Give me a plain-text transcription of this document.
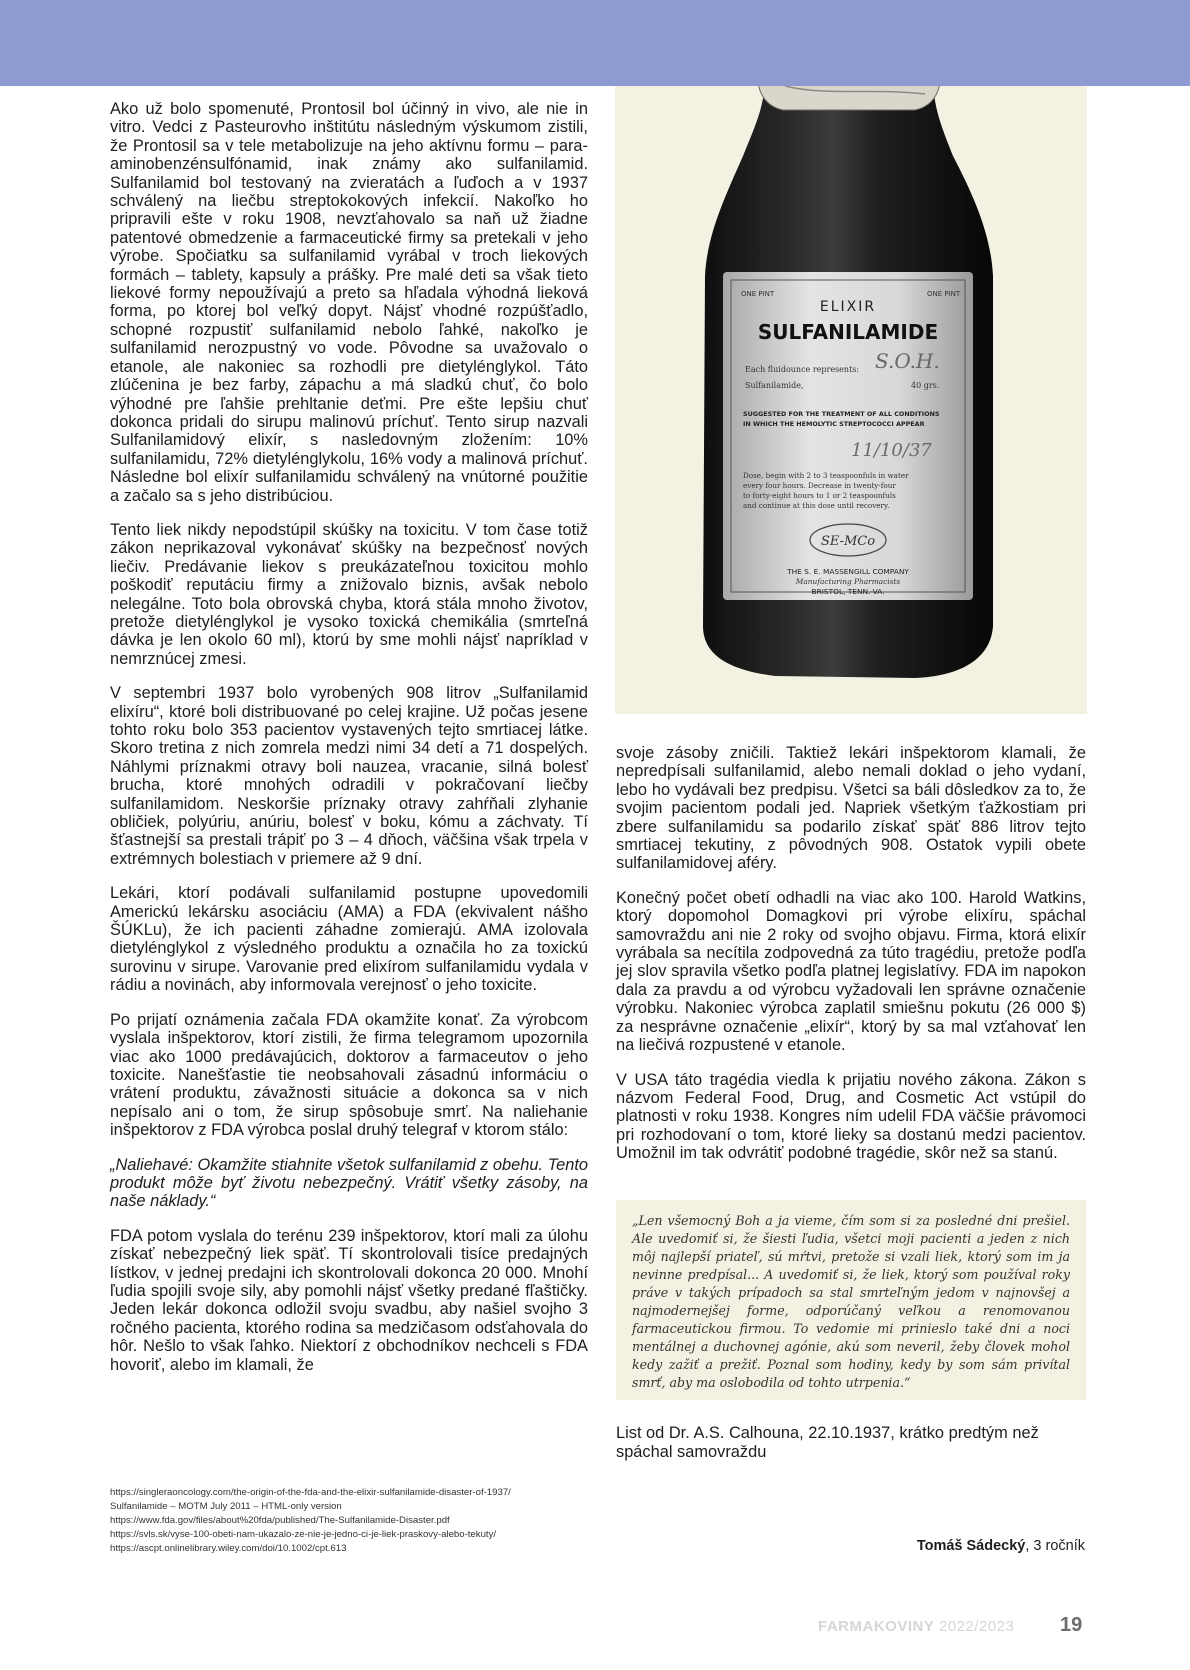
Ako už bolo spomenuté, Prontosil bol účinný in vivo, ale nie in vitro. Vedci z Pasteurovho inštitútu následným výskumom zistili, že Prontosil sa v tele metabolizuje na jeho aktívnu formu – para-aminobenzénsulfónamid, inak známy ako sulfanilamid. Sulfanilamid bol testovaný na zvieratách a ľuďoch a v 1937 schválený na liečbu streptokokových infekcií. Nakoľko ho pripravili ešte v roku 1908, nevzťahovalo sa naň už žiadne patentové obmedzenie a farmaceutické firmy sa pretekali v jeho výrobe. Spočiatku sa sulfanilamid vyrábal v troch liekových formách – tablety, kapsuly a prášky. Pre malé deti sa však tieto liekové formy nepoužívajú a preto sa hľadala výhodná lieková forma, po ktorej bol veľký dopyt. Nájsť vhodné rozpúšťadlo, schopné rozpustiť sulfanilamid nebolo ľahké, nakoľko je sulfanilamid nerozpustný vo vode. Pôvodne sa uvažovalo o etanole, ale nakoniec sa rozhodli pre dietylénglykol. Táto zlúčenina je bez farby, zápachu a má sladkú chuť, čo bolo výhodné pre ľahšie prehltanie deťmi. Pre ešte lepšiu chuť dokonca pridali do sirupu malinovú príchuť. Tento sirup nazvali Sulfanilamidový elixír, s nasledovným zložením: 10% sulfanilamidu, 72% dietylénglykolu, 16% vody a malinová príchuť. Následne bol elixír sulfanilamidu schválený na vnútorné použitie a začalo sa s jeho distribúciou.

Tento liek nikdy nepodstúpil skúšky na toxicitu. V tom čase totiž zákon neprikazoval vykonávať skúšky na bezpečnosť nových liečiv. Predávanie liekov s preukázateľnou toxicitou mohlo poškodiť reputáciu firmy a znižovalo biznis, avšak nebolo nelegálne. Toto bola obrovská chyba, ktorá stála mnoho životov, pretože dietylénglykol je vysoko toxická chemikália (smrteľná dávka je len okolo 60 ml), ktorú by sme mohli nájsť napríklad v nemrznúcej zmesi.

V septembri 1937 bolo vyrobených 908 litrov „Sulfanilamid elixíru“, ktoré boli distribuované po celej krajine. Už počas jesene tohto roku bolo 353 pacientov vystavených tejto smrtiacej látke. Skoro tretina z nich zomrela medzi nimi 34 detí a 71 dospelých. Náhlymi príznakmi otravy boli nauzea, vracanie, silná bolesť brucha, ktoré mnohých odradili v pokračovaní liečby sulfanilamidom. Neskoršie príznaky otravy zahŕňali zlyhanie obličiek, polyúriu, anúriu, bolesť v boku, kómu a záchvaty. Tí šťastnejší sa prestali trápiť po 3 – 4 dňoch, väčšina však trpela v extrémnych bolestiach v priemere až 9 dní.

Lekári, ktorí podávali sulfanilamid postupne upovedomili Americkú lekársku asociáciu (AMA) a FDA (ekvivalent nášho ŠÚKLu), že ich pacienti záhadne zomierajú. AMA izolovala dietylénglykol z výsledného produktu a označila ho za toxickú surovinu v sirupe. Varovanie pred elixírom sulfanilamidu vydala v rádiu a novinách, aby informovala verejnosť o jeho toxicite.

Po prijatí oznámenia začala FDA okamžite konať. Za výrobcom vyslala inšpektorov, ktorí zistili, že firma telegramom upozornila viac ako 1000 predávajúcich, doktorov a farmaceutov o jeho toxicite. Nanešťastie tie neobsahovali zásadnú informáciu o vrátení produktu, závažnosti situácie a dokonca sa v nich nepísalo ani o tom, že sirup spôsobuje smrť. Na naliehanie inšpektorov z FDA výrobca poslal druhý telegraf v ktorom stálo:

„Naliehavé: Okamžite stiahnite všetok sulfanilamid z obehu. Tento produkt môže byť životu nebezpečný. Vrátiť všetky zásoby, na naše náklady.“

FDA potom vyslala do terénu 239 inšpektorov, ktorí mali za úlohu získať nebezpečný liek späť. Tí skontrolovali tisíce predajných lístkov, v jednej predajni ich skontrolovali dokonca 20 000. Mnohí ľudia spojili svoje sily, aby pomohli nájsť všetky predané fľaštičky. Jeden lekár dokonca odložil svoju svadbu, aby našiel svojho 3 ročného pacienta, ktorého rodina sa medzičasom odsťahovala do hôr. Nešlo to však ľahko. Niektorí z obchodníkov nechceli s FDA hovoriť, alebo im klamali, že

ONE PINT	ONE PINT
ELIXIR
SULFANILAMIDE
S.O.H.
Each fluidounce represents:
Sulfanilamide,	40 grs.
SUGGESTED FOR THE TREATMENT OF ALL CONDITIONS
IN WHICH THE HEMOLYTIC STREPTOCOCCI APPEAR
11/10/37
Dose, begin with 2 to 3 teaspoonfuls in water
every four hours. Decrease in twenty-four
to forty-eight hours to 1 or 2 teaspoonfuls
and continue at this dose until recovery.
SE-MCo
THE S. E. MASSENGILL COMPANY
Manufacturing Pharmacists
BRISTOL, TENN.-VA.

svoje zásoby zničili. Taktiež lekári inšpektorom klamali, že nepredpísali sulfanilamid, alebo nemali doklad o jeho vydaní, lebo ho vydávali bez predpisu. Všetci sa báli dôsledkov za to, že svojim pacientom podali jed. Napriek všetkým ťažkostiam pri zbere sulfanilamidu sa podarilo získať späť 886 litrov tejto smrtiacej tekutiny, z pôvodných 908. Ostatok vypili obete sulfanilamidovej aféry.

Konečný počet obetí odhadli na viac ako 100. Harold Watkins, ktorý dopomohol Domagkovi pri výrobe elixíru, spáchal samovraždu ani nie 2 roky od svojho objavu. Firma, ktorá elixír vyrábala sa necítila zodpovedná za túto tragédiu, pretože podľa jej slov spravila všetko podľa platnej legislatívy. FDA im napokon dala za pravdu a od výrobcu vyžadovali len správne označenie výrobku. Nakoniec výrobca zaplatil smiešnu pokutu (26 000 $) za nesprávne označenie „elixír“, ktorý by sa mal vzťahovať len na liečivá rozpustené v etanole.

V USA táto tragédia viedla k prijatiu nového zákona. Zákon s názvom Federal Food, Drug, and Cosmetic Act vstúpil do platnosti v roku 1938. Kongres ním udelil FDA väčšie právomoci pri rozhodovaní o tom, ktoré lieky sa dostanú medzi pacientov. Umožnil im tak odvrátiť podobné tragédie, skôr než sa stanú.

„Len všemocný Boh a ja vieme, čím som si za posledné dni prešiel. Ale uvedomiť si, že šiesti ľudia, všetci moji pacienti a jeden z nich môj najlepší priateľ, sú mŕtvi, pretože si vzali liek, ktorý som im ja nevinne predpísal... A uvedomiť si, že liek, ktorý som používal roky práve v takých prípadoch sa stal smrteľným jedom v najnovšej a najmodernejšej forme, odporúčaný veľkou a renomovanou farmaceutickou firmou. To vedomie mi prinieslo také dni a noci mentálnej a duchovnej agónie, akú som neveril, žeby človek mohol kedy zažiť a prežiť. Poznal som hodiny, kedy by som sám privítal smrť, aby ma oslobodila od tohto utrpenia.“
List od Dr. A.S. Calhouna, 22.10.1937, krátko predtým než spáchal samovraždu
https://singleraoncology.com/the-origin-of-the-fda-and-the-elixir-sulfanilamide-disaster-of-1937/
Sulfanilamide – MOTM July 2011 – HTML-only version
https://www.fda.gov/files/about%20fda/published/The-Sulfanilamide-Disaster.pdf
https://svls.sk/vyse-100-obeti-nam-ukazalo-ze-nie-je-jedno-ci-je-liek-praskovy-alebo-tekuty/
https://ascpt.onlinelibrary.wiley.com/doi/10.1002/cpt.613	Tomáš Sádecký, 3 ročník
FARMAKOVINY 2022/2023 19
